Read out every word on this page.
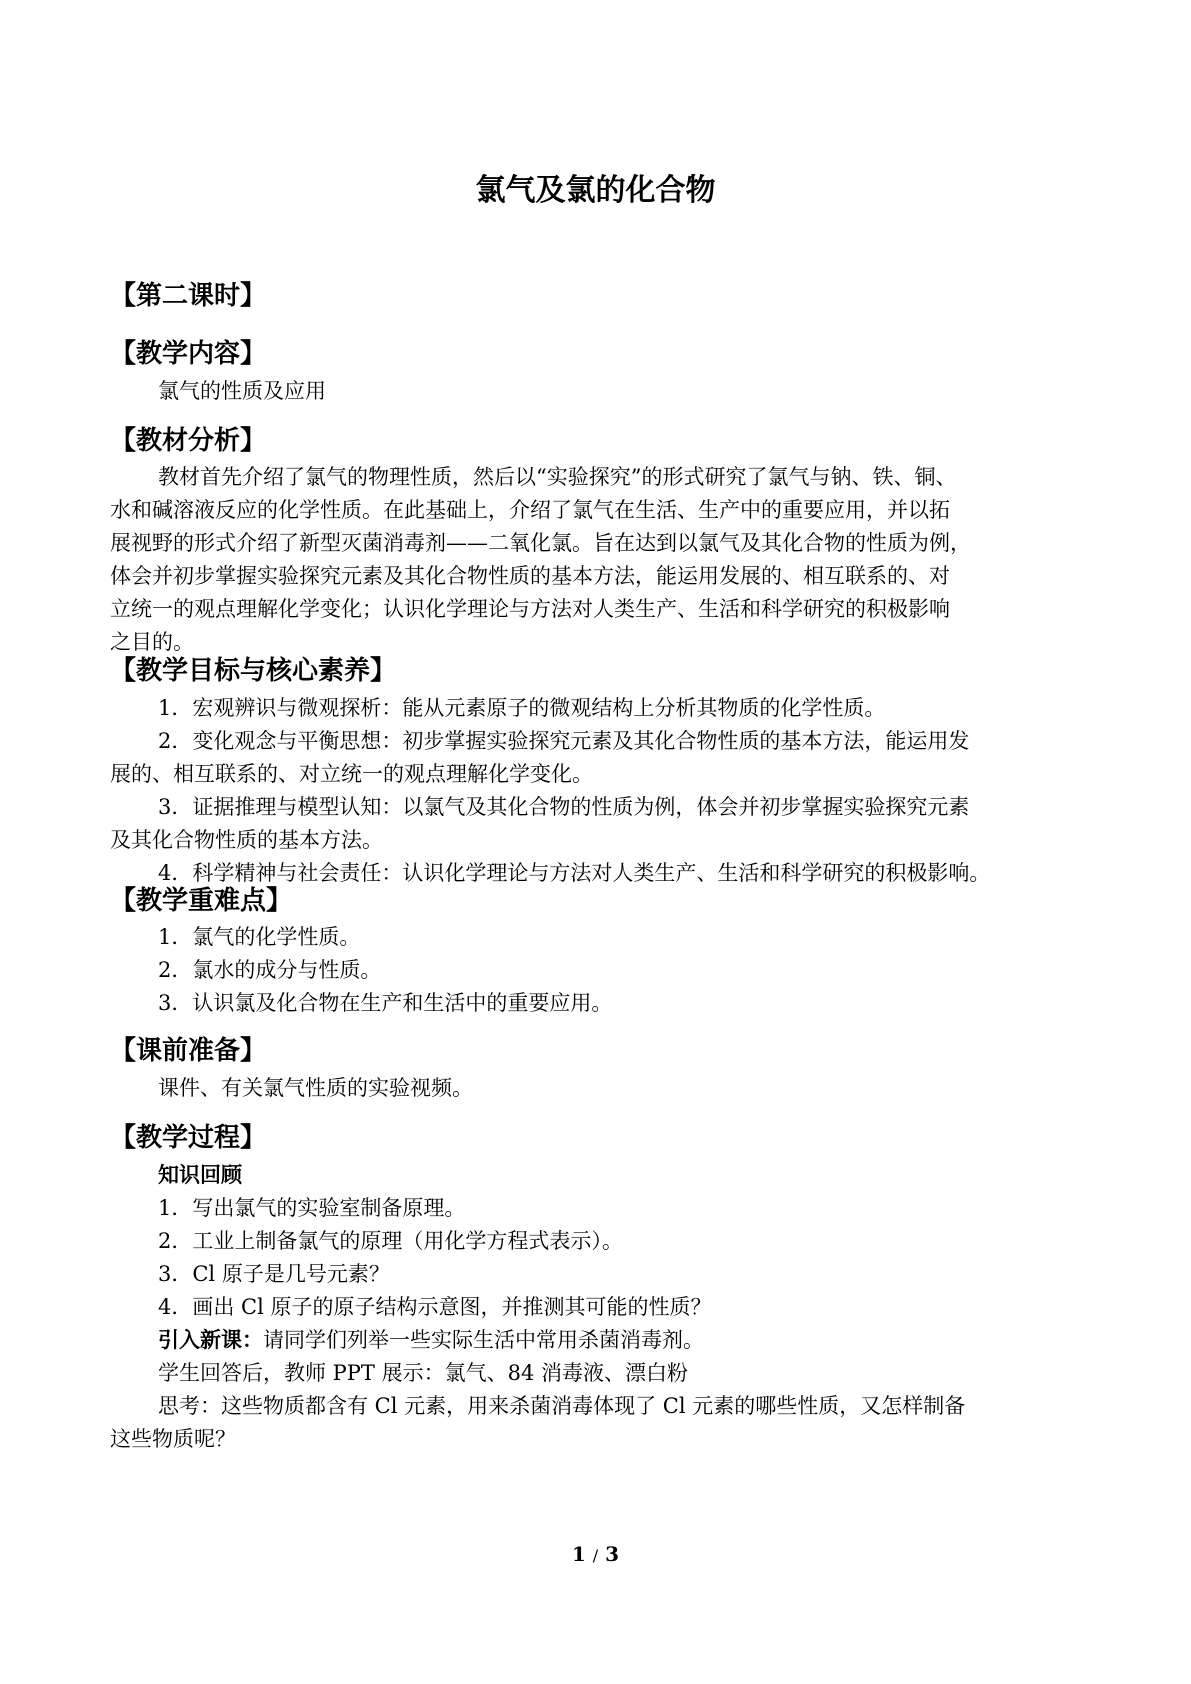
氯气及氯的化合物
【第二课时】
【教学内容】
氯气的性质及应用
【教材分析】
教材首先介绍了氯气的物理性质，然后以“实验探究”的形式研究了氯气与钠、铁、铜、
水和碱溶液反应的化学性质。在此基础上，介绍了氯气在生活、生产中的重要应用，并以拓
展视野的形式介绍了新型灭菌消毒剂——二氧化氯。旨在达到以氯气及其化合物的性质为例，
体会并初步掌握实验探究元素及其化合物性质的基本方法，能运用发展的、相互联系的、对
立统一的观点理解化学变化；认识化学理论与方法对人类生产、生活和科学研究的积极影响
之目的。
【教学目标与核心素养】
1．宏观辨识与微观探析：能从元素原子的微观结构上分析其物质的化学性质。
2．变化观念与平衡思想：初步掌握实验探究元素及其化合物性质的基本方法，能运用发
展的、相互联系的、对立统一的观点理解化学变化。
3．证据推理与模型认知：以氯气及其化合物的性质为例，体会并初步掌握实验探究元素
及其化合物性质的基本方法。
4．科学精神与社会责任：认识化学理论与方法对人类生产、生活和科学研究的积极影响。
【教学重难点】
1．氯气的化学性质。
2．氯水的成分与性质。
3．认识氯及化合物在生产和生活中的重要应用。
【课前准备】
课件、有关氯气性质的实验视频。
【教学过程】
知识回顾
1．写出氯气的实验室制备原理。
2．工业上制备氯气的原理（用化学方程式表示）。
3．Cl 原子是几号元素？
4．画出 Cl 原子的原子结构示意图，并推测其可能的性质？
引入新课：请同学们列举一些实际生活中常用杀菌消毒剂。
学生回答后，教师 PPT 展示：氯气、84 消毒液、漂白粉
思考：这些物质都含有 Cl 元素，用来杀菌消毒体现了 Cl 元素的哪些性质，又怎样制备
这些物质呢？
1 / 3
